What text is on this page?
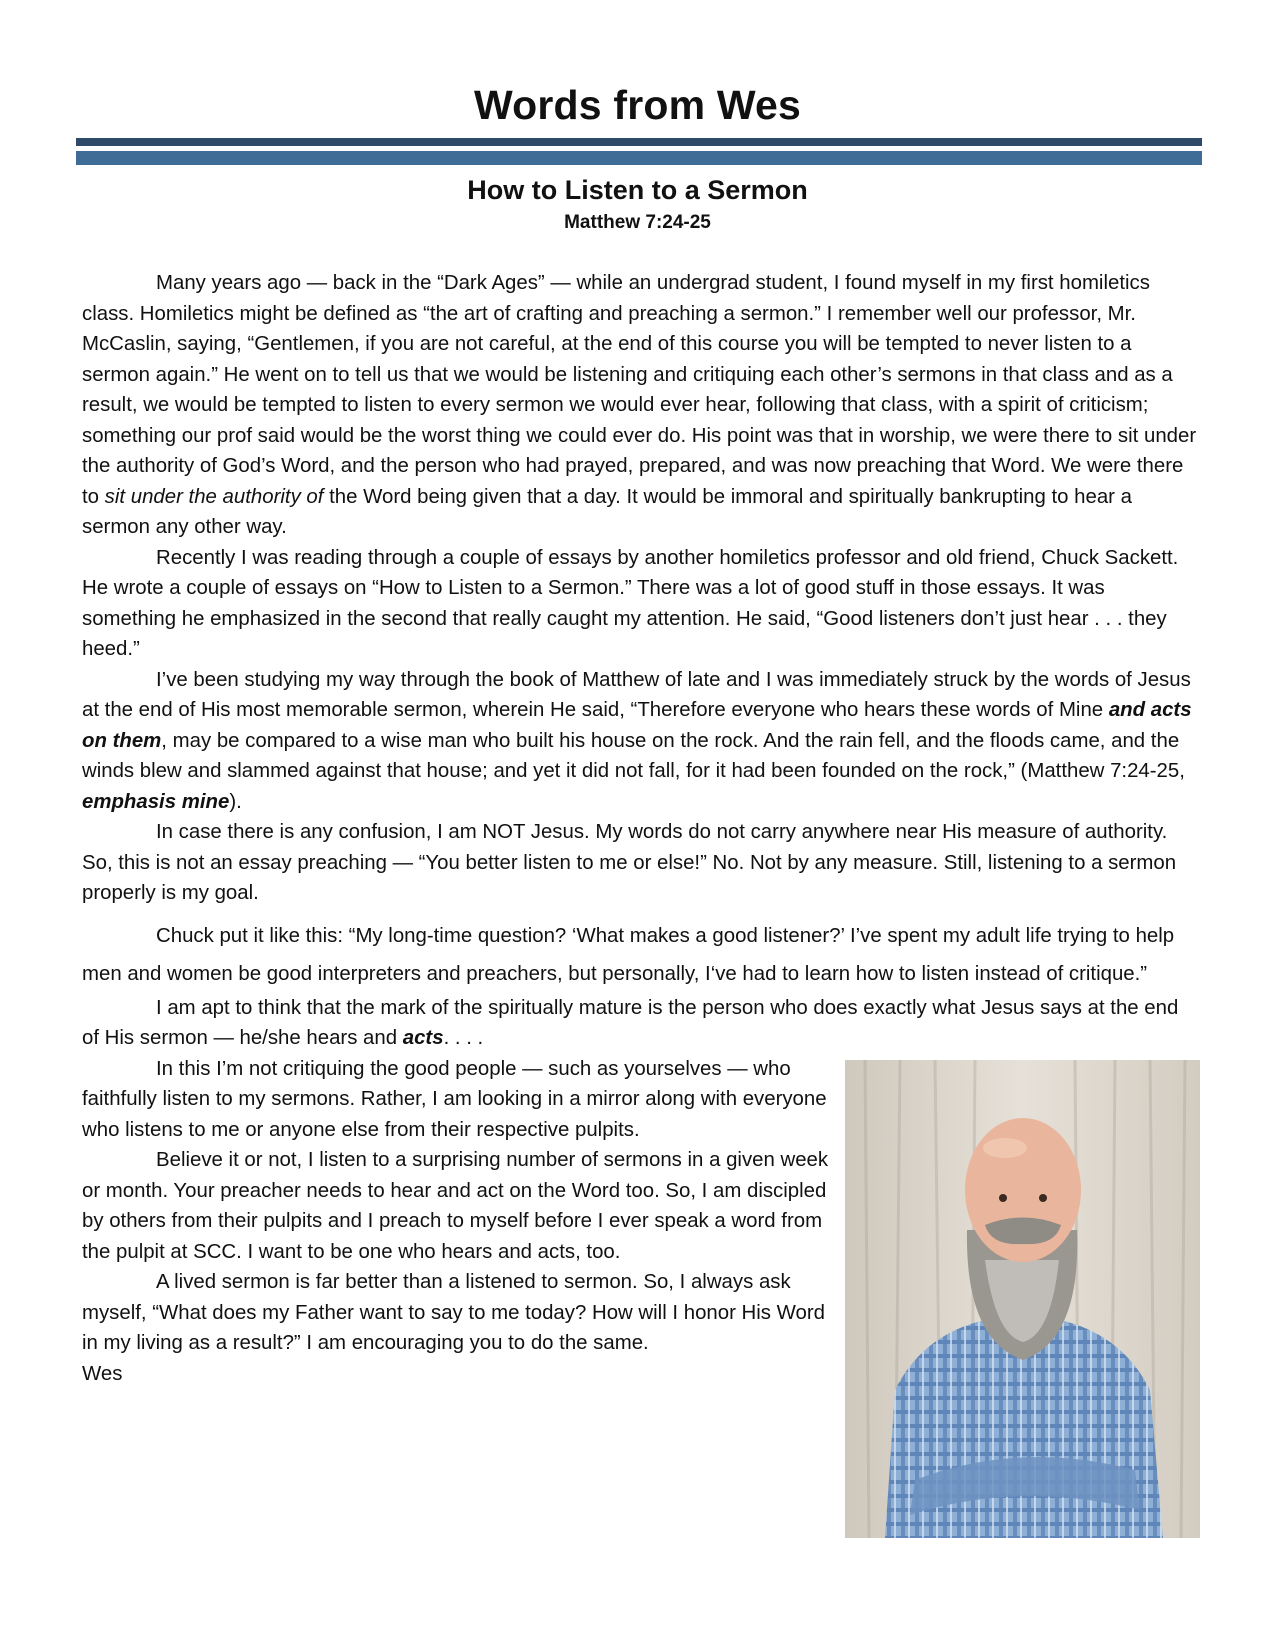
Words from Wes
How to Listen to a Sermon
Matthew 7:24-25

Many years ago — back in the “Dark Ages” — while an undergrad student, I found myself in my first homiletics class. Homiletics might be defined as “the art of crafting and preaching a sermon.” I remember well our professor, Mr. McCaslin, saying, “Gentlemen, if you are not careful, at the end of this course you will be tempted to never listen to a sermon again.” He went on to tell us that we would be listening and critiquing each other’s sermons in that class and as a result, we would be tempted to listen to every sermon we would ever hear, following that class, with a spirit of criticism; something our prof said would be the worst thing we could ever do. His point was that in worship, we were there to sit under the authority of God’s Word, and the person who had prayed, prepared, and was now preaching that Word. We were there to sit under the authority of the Word being given that a day. It would be immoral and spiritually bankrupting to hear a sermon any other way.

Recently I was reading through a couple of essays by another homiletics professor and old friend, Chuck Sackett. He wrote a couple of essays on “How to Listen to a Sermon.” There was a lot of good stuff in those essays. It was something he emphasized in the second that really caught my attention. He said, “Good listeners don’t just hear . . . they heed.”

I’ve been studying my way through the book of Matthew of late and I was immediately struck by the words of Jesus at the end of His most memorable sermon, wherein He said, “Therefore everyone who hears these words of Mine and acts on them, may be compared to a wise man who built his house on the rock. And the rain fell, and the floods came, and the winds blew and slammed against that house; and yet it did not fall, for it had been founded on the rock,” (Matthew 7:24-25, emphasis mine).

In case there is any confusion, I am NOT Jesus. My words do not carry anywhere near His measure of authority. So, this is not an essay preaching — “You better listen to me or else!” No. Not by any measure. Still, listening to a sermon properly is my goal.

Chuck put it like this: “My long-time question? ‘What makes a good listener?’ I’ve spent my adult life trying to help men and women be good interpreters and preachers, but personally, I‘ve had to learn how to listen instead of critique.”

I am apt to think that the mark of the spiritually mature is the person who does exactly what Jesus says at the end of His sermon — he/she hears and acts. . . .

In this I’m not critiquing the good people — such as yourselves — who faithfully listen to my sermons. Rather, I am looking in a mirror along with everyone who listens to me or anyone else from their respective pulpits.

Believe it or not, I listen to a surprising number of sermons in a given week or month. Your preacher needs to hear and act on the Word too. So, I am discipled by others from their pulpits and I preach to myself before I ever speak a word from the pulpit at SCC. I want to be one who hears and acts, too.

A lived sermon is far better than a listened to sermon. So, I always ask myself, “What does my Father want to say to me today? How will I honor His Word in my living as a result?” I am encouraging you to do the same.

Wes
